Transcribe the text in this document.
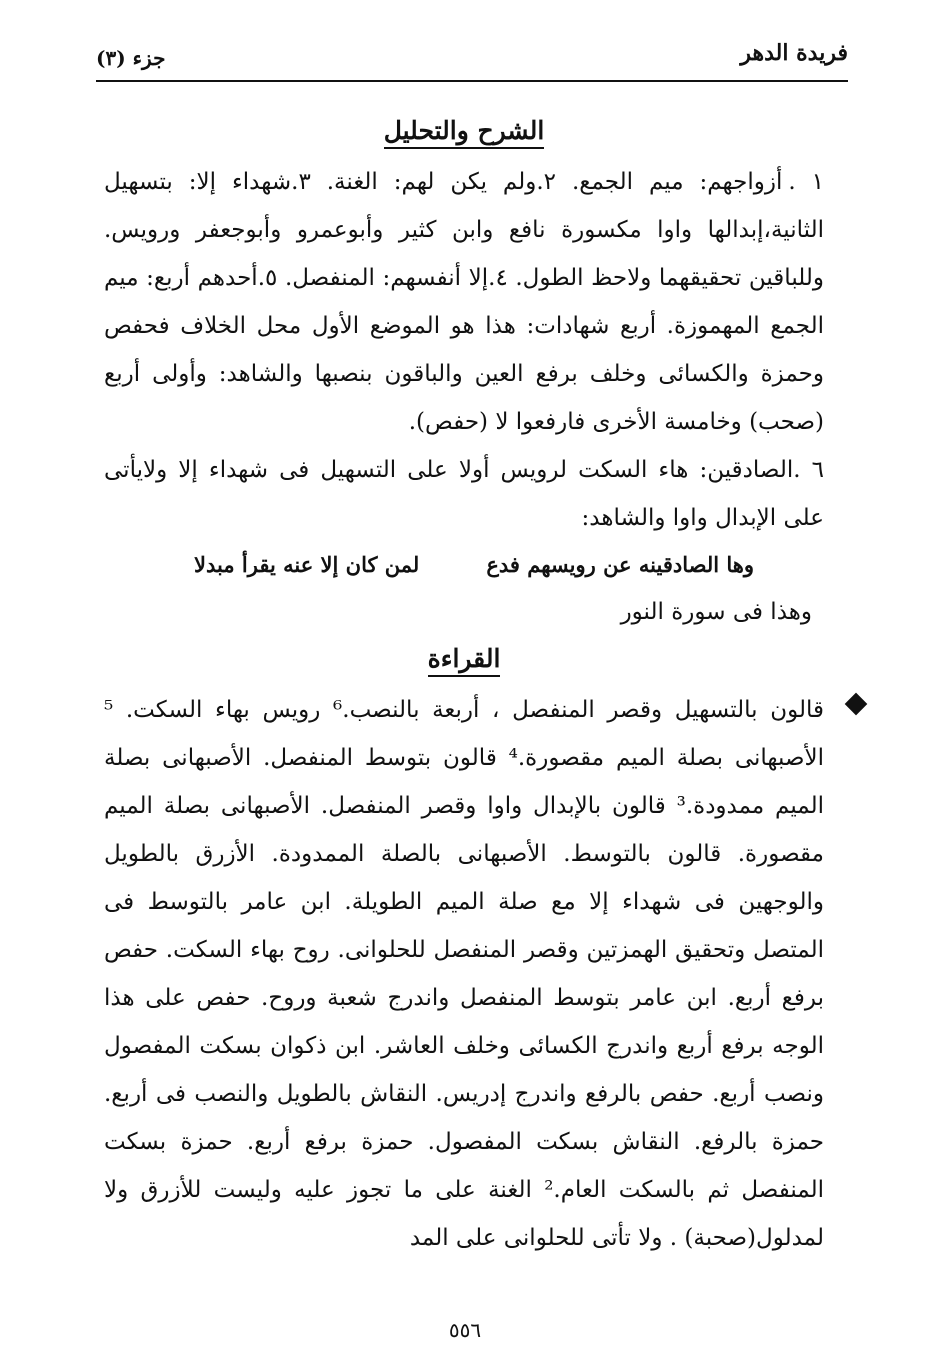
فريدة الدهر
جزء (٣)
الشرح والتحليل

١ .أزواجهم: ميم الجمع. ٢.ولم يكن لهم: الغنة. ٣.شهداء إلا: بتسهيل الثانية،إبدالها واوا مكسورة نافع وابن كثير وأبوعمرو وأبوجعفر ورويس. وللباقين تحقيقهما ولاحظ الطول. ٤.إلا أنفسهم: المنفصل. ٥.أحدهم أربع: ميم الجمع المهموزة. أربع شهادات: هذا هو الموضع الأول محل الخلاف فحفص وحمزة والكسائى وخلف برفع العين والباقون بنصبها والشاهد: وأولى أربع (صحب) وخامسة الأخرى فارفعوا لا (حفص).

٦ .الصادقين: هاء السكت لرويس أولا على التسهيل فى شهداء إلا ولايأتى على الإبدال واوا والشاهد:

وها الصادقينه عن رويسهم فدع
لمن كان إلا عنه يقرأ مبدلا

وهذا فى سورة النور

القراءة

قالون بالتسهيل وقصر المنفصل ، أربعة بالنصب.⁶ رويس بهاء السكت. ⁵ الأصبهانى بصلة الميم مقصورة.⁴ قالون بتوسط المنفصل. الأصبهانى بصلة الميم ممدودة.³ قالون بالإبدال واوا وقصر المنفصل. الأصبهانى بصلة الميم مقصورة. قالون بالتوسط. الأصبهانى بالصلة الممدودة. الأزرق بالطويل والوجهين فى شهداء إلا مع صلة الميم الطويلة. ابن عامر بالتوسط فى المتصل وتحقيق الهمزتين وقصر المنفصل للحلوانى. روح بهاء السكت. حفص برفع أربع. ابن عامر بتوسط المنفصل واندرج شعبة وروح. حفص على هذا الوجه برفع أربع واندرج الكسائى وخلف العاشر. ابن ذكوان بسكت المفصول ونصب أربع. حفص بالرفع واندرج إدريس. النقاش بالطويل والنصب فى أربع. حمزة بالرفع. النقاش بسكت المفصول. حمزة برفع أربع. حمزة بسكت المنفصل ثم بالسكت العام.² الغنة على ما تجوز عليه وليست للأزرق ولا لمدلول(صحبة) . ولا تأتى للحلوانى على المد

٥٥٦
